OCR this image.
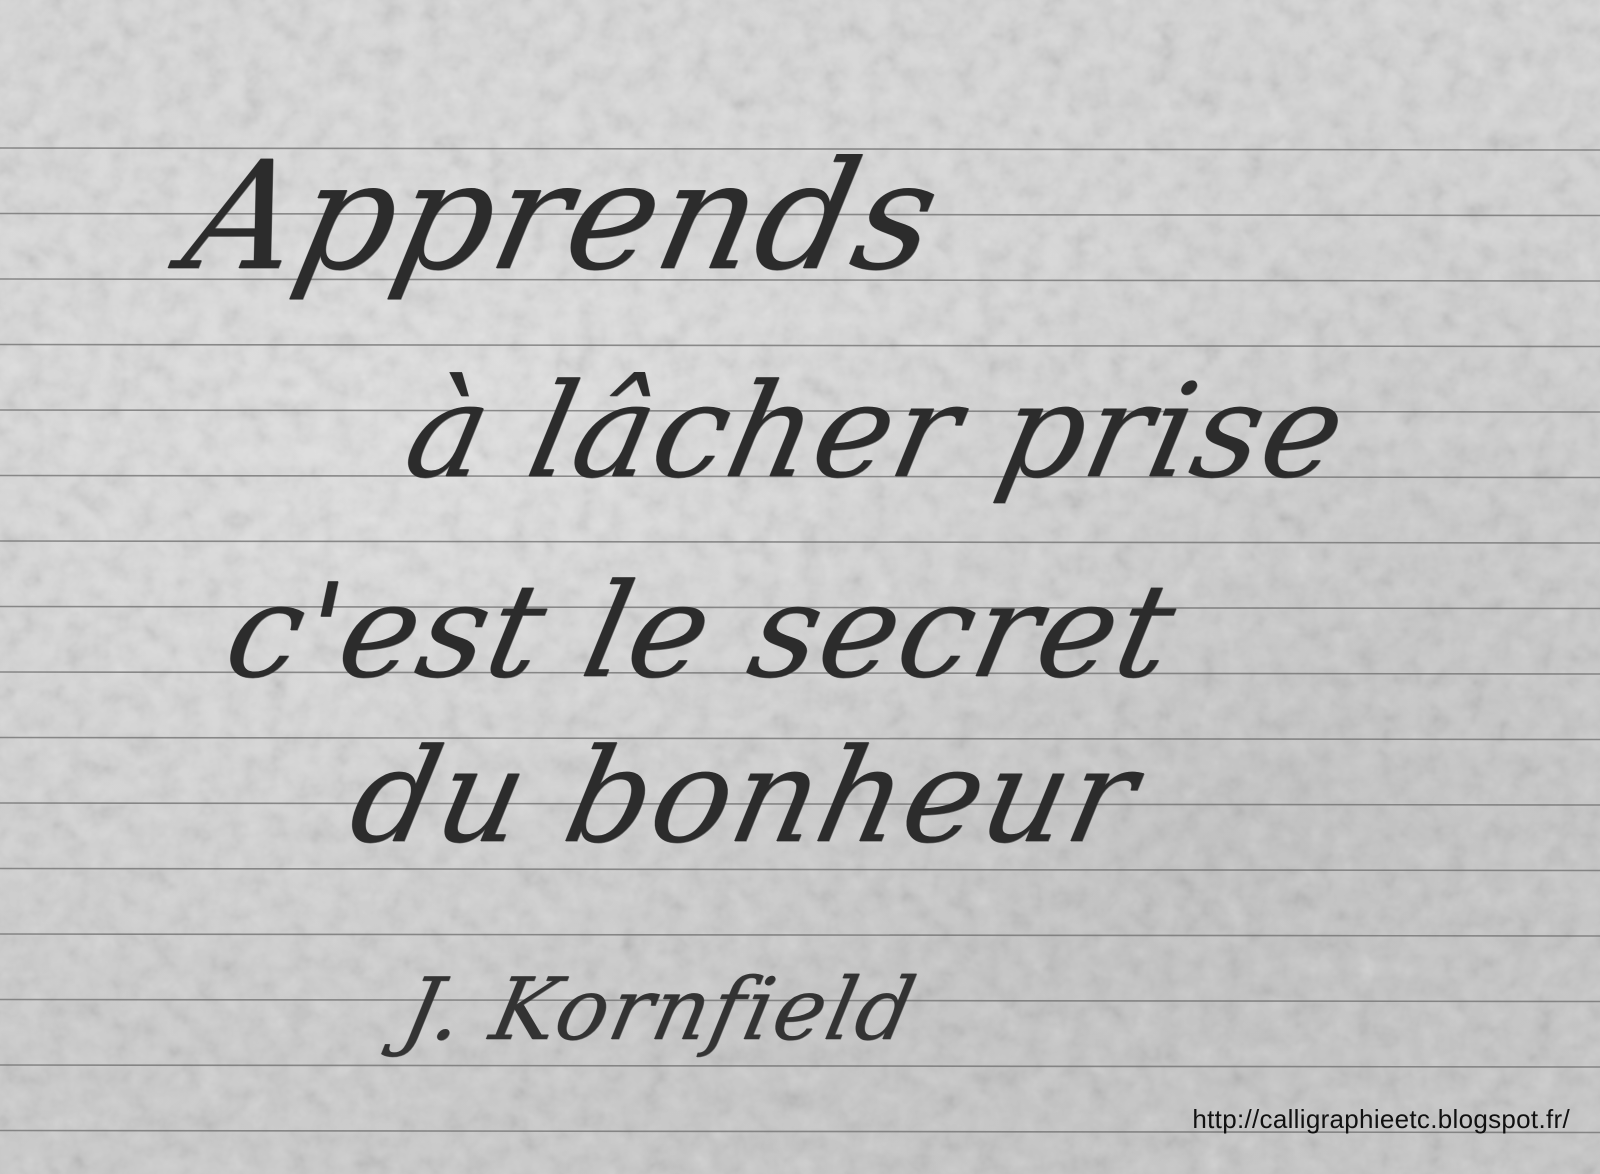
Apprends
à lâcher prise
c'est le secret
du bonheur
J. Kornfield
http://calligraphieetc.blogspot.fr/
